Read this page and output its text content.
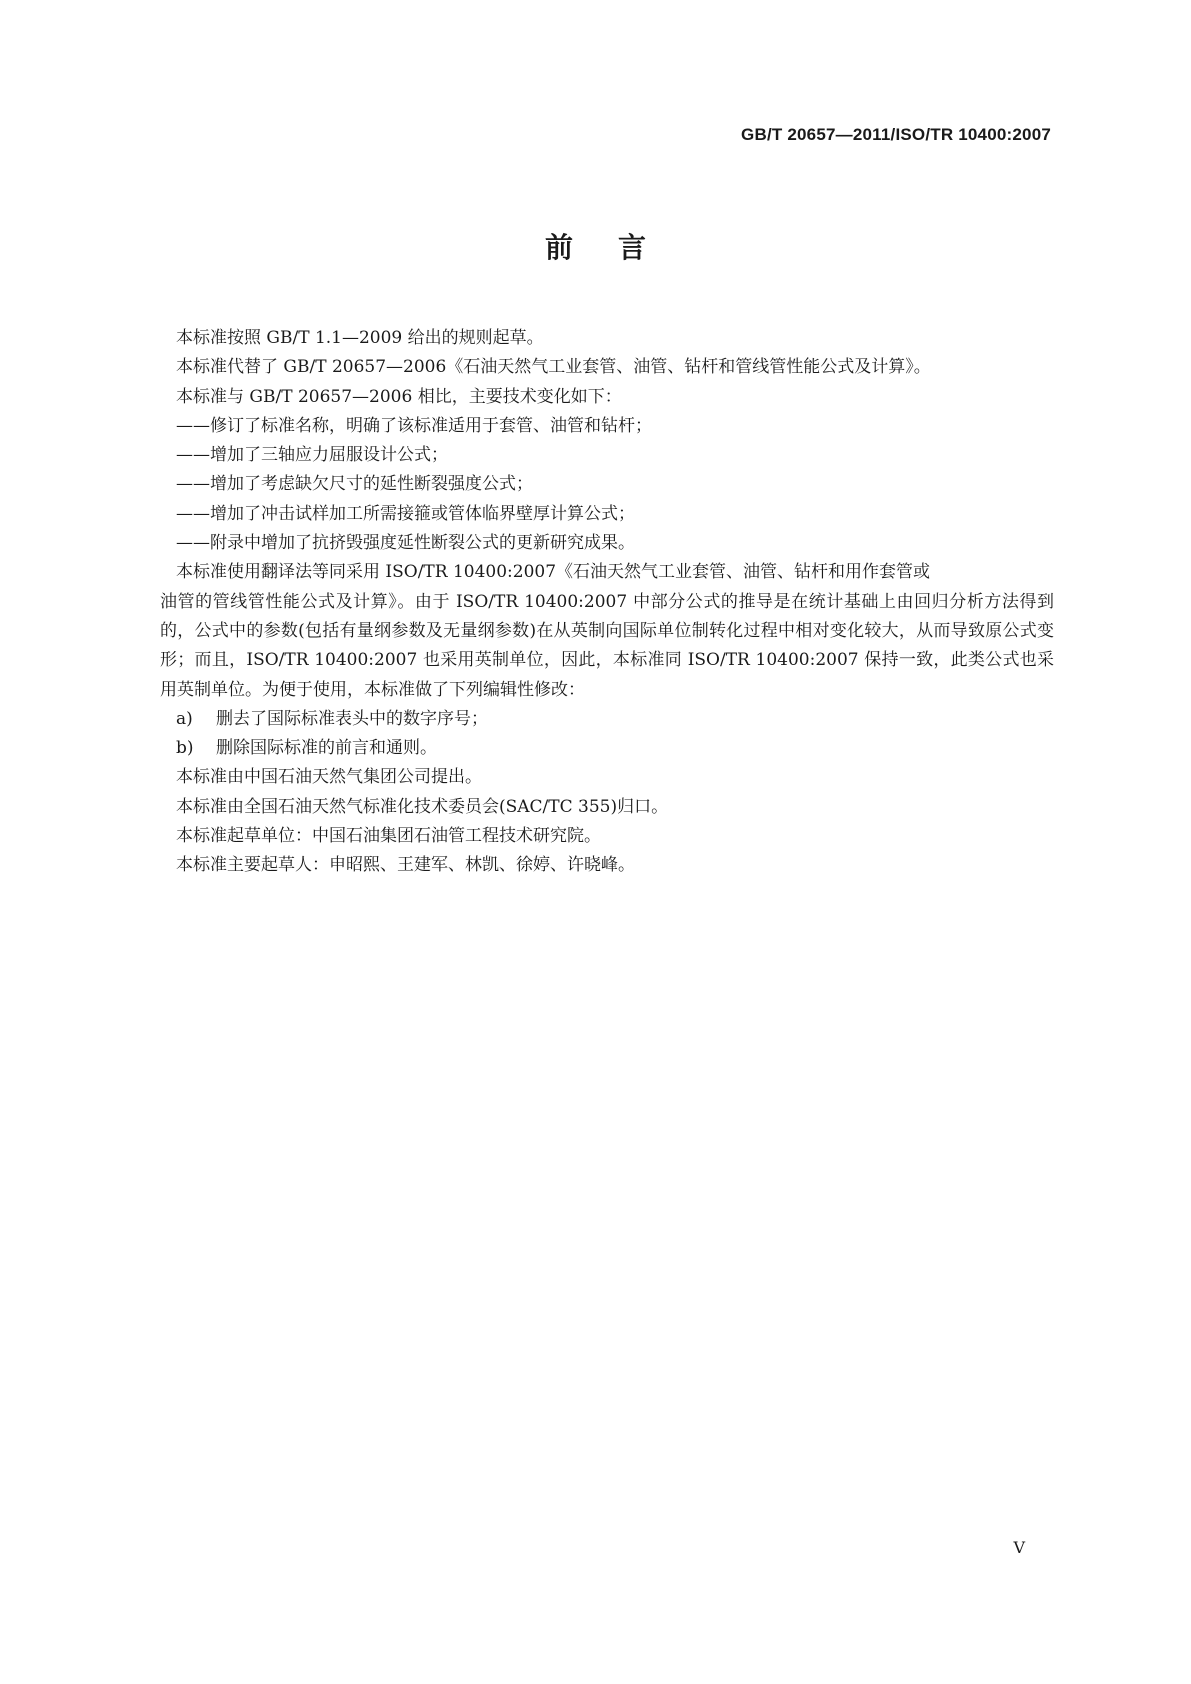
GB/T 20657—2011/ISO/TR 10400:2007
前言

本标准按照 GB/T 1.1—2009 给出的规则起草。

本标准代替了 GB/T 20657—2006《石油天然气工业套管、油管、钻杆和管线管性能公式及计算》。

本标准与 GB/T 20657—2006 相比，主要技术变化如下：

——修订了标准名称，明确了该标准适用于套管、油管和钻杆；

——增加了三轴应力屈服设计公式；

——增加了考虑缺欠尺寸的延性断裂强度公式；

——增加了冲击试样加工所需接箍或管体临界壁厚计算公式；

——附录中增加了抗挤毁强度延性断裂公式的更新研究成果。

本标准使用翻译法等同采用 ISO/TR 10400:2007《石油天然气工业套管、油管、钻杆和用作套管或
油管的管线管性能公式及计算》。由于 ISO/TR 10400:2007 中部分公式的推导是在统计基础上由回归分析方法得到的，公式中的参数(包括有量纲参数及无量纲参数)在从英制向国际单位制转化过程中相对变化较大，从而导致原公式变形；而且，ISO/TR 10400:2007 也采用英制单位，因此，本标准同 ISO/TR 10400:2007 保持一致，此类公式也采用英制单位。为便于使用，本标准做了下列编辑性修改：

a) 删去了国际标准表头中的数字序号；

b) 删除国际标准的前言和通则。

本标准由中国石油天然气集团公司提出。

本标准由全国石油天然气标准化技术委员会(SAC/TC 355)归口。

本标准起草单位：中国石油集团石油管工程技术研究院。

本标准主要起草人：申昭熙、王建军、林凯、徐婷、许晓峰。

V
